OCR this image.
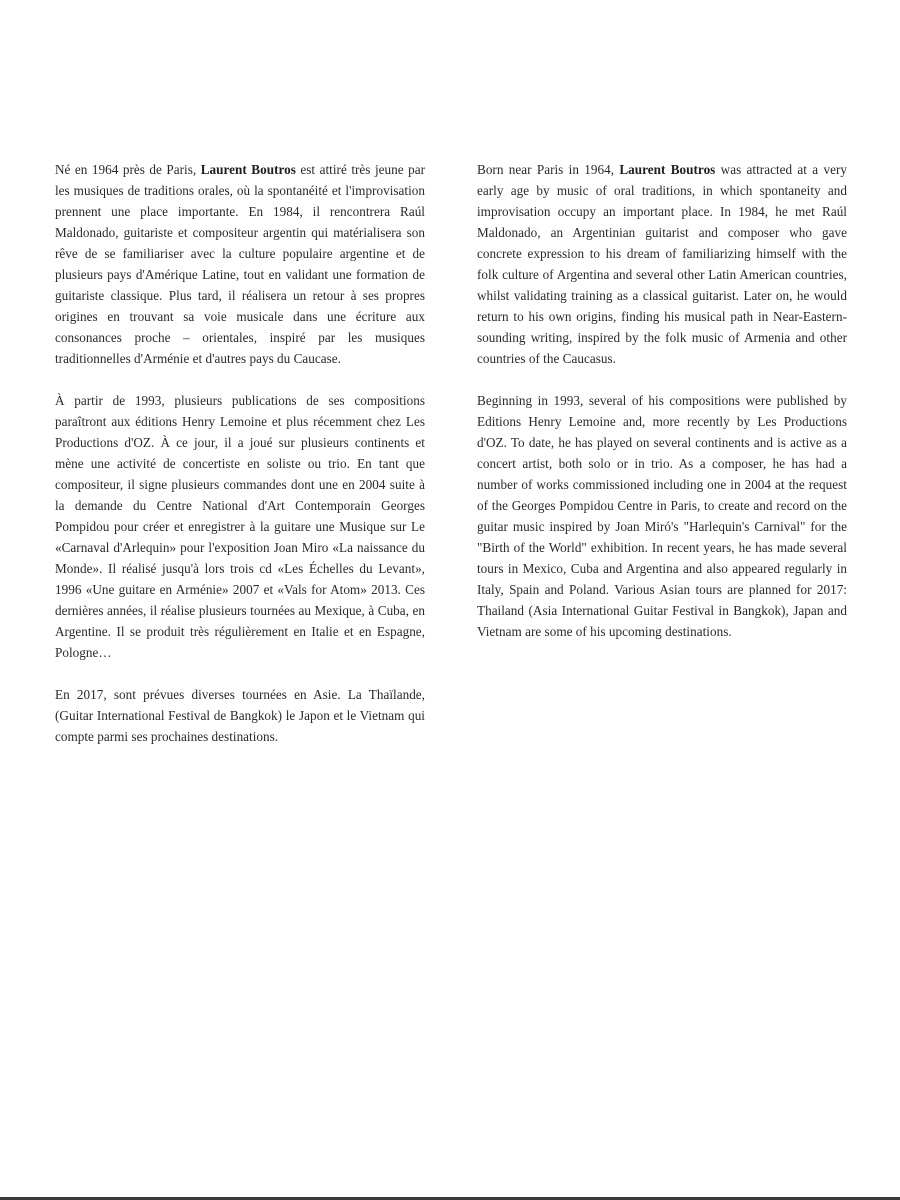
Né en 1964 près de Paris, Laurent Boutros est attiré très jeune par les musiques de traditions orales, où la spontanéité et l'improvisation prennent une place importante. En 1984, il rencontrera Raúl Maldonado, guitariste et compositeur argentin qui matérialisera son rêve de se familiariser avec la culture populaire argentine et de plusieurs pays d'Amérique Latine, tout en validant une formation de guitariste classique. Plus tard, il réalisera un retour à ses propres origines en trouvant sa voie musicale dans une écriture aux consonances proche – orientales, inspiré par les musiques traditionnelles d'Arménie et d'autres pays du Caucase.

À partir de 1993, plusieurs publications de ses compositions paraîtront aux éditions Henry Lemoine et plus récemment chez Les Productions d'OZ. À ce jour, il a joué sur plusieurs continents et mène une activité de concertiste en soliste ou trio. En tant que compositeur, il signe plusieurs commandes dont une en 2004 suite à la demande du Centre National d'Art Contemporain Georges Pompidou pour créer et enregistrer à la guitare une Musique sur Le «Carnaval d'Arlequin» pour l'exposition Joan Miro «La naissance du Monde». Il réalisé jusqu'à lors trois cd «Les Échelles du Levant», 1996 «Une guitare en Arménie» 2007 et «Vals for Atom» 2013. Ces dernières années, il réalise plusieurs tournées au Mexique, à Cuba, en Argentine. Il se produit très régulièrement en Italie et en Espagne, Pologne…

En 2017, sont prévues diverses tournées en Asie. La Thaïlande, (Guitar International Festival de Bangkok) le Japon et le Vietnam qui compte parmi ses prochaines destinations.

Born near Paris in 1964, Laurent Boutros was attracted at a very early age by music of oral traditions, in which spontaneity and improvisation occupy an important place. In 1984, he met Raúl Maldonado, an Argentinian guitarist and composer who gave concrete expression to his dream of familiarizing himself with the folk culture of Argentina and several other Latin American countries, whilst validating training as a classical guitarist. Later on, he would return to his own origins, finding his musical path in Near-Eastern-sounding writing, inspired by the folk music of Armenia and other countries of the Caucasus.

Beginning in 1993, several of his compositions were published by Editions Henry Lemoine and, more recently by Les Productions d'OZ. To date, he has played on several continents and is active as a concert artist, both solo or in trio. As a composer, he has had a number of works commissioned including one in 2004 at the request of the Georges Pompidou Centre in Paris, to create and record on the guitar music inspired by Joan Miró's "Harlequin's Carnival" for the "Birth of the World" exhibition. In recent years, he has made several tours in Mexico, Cuba and Argentina and also appeared regularly in Italy, Spain and Poland. Various Asian tours are planned for 2017: Thailand (Asia International Guitar Festival in Bangkok), Japan and Vietnam are some of his upcoming destinations.
